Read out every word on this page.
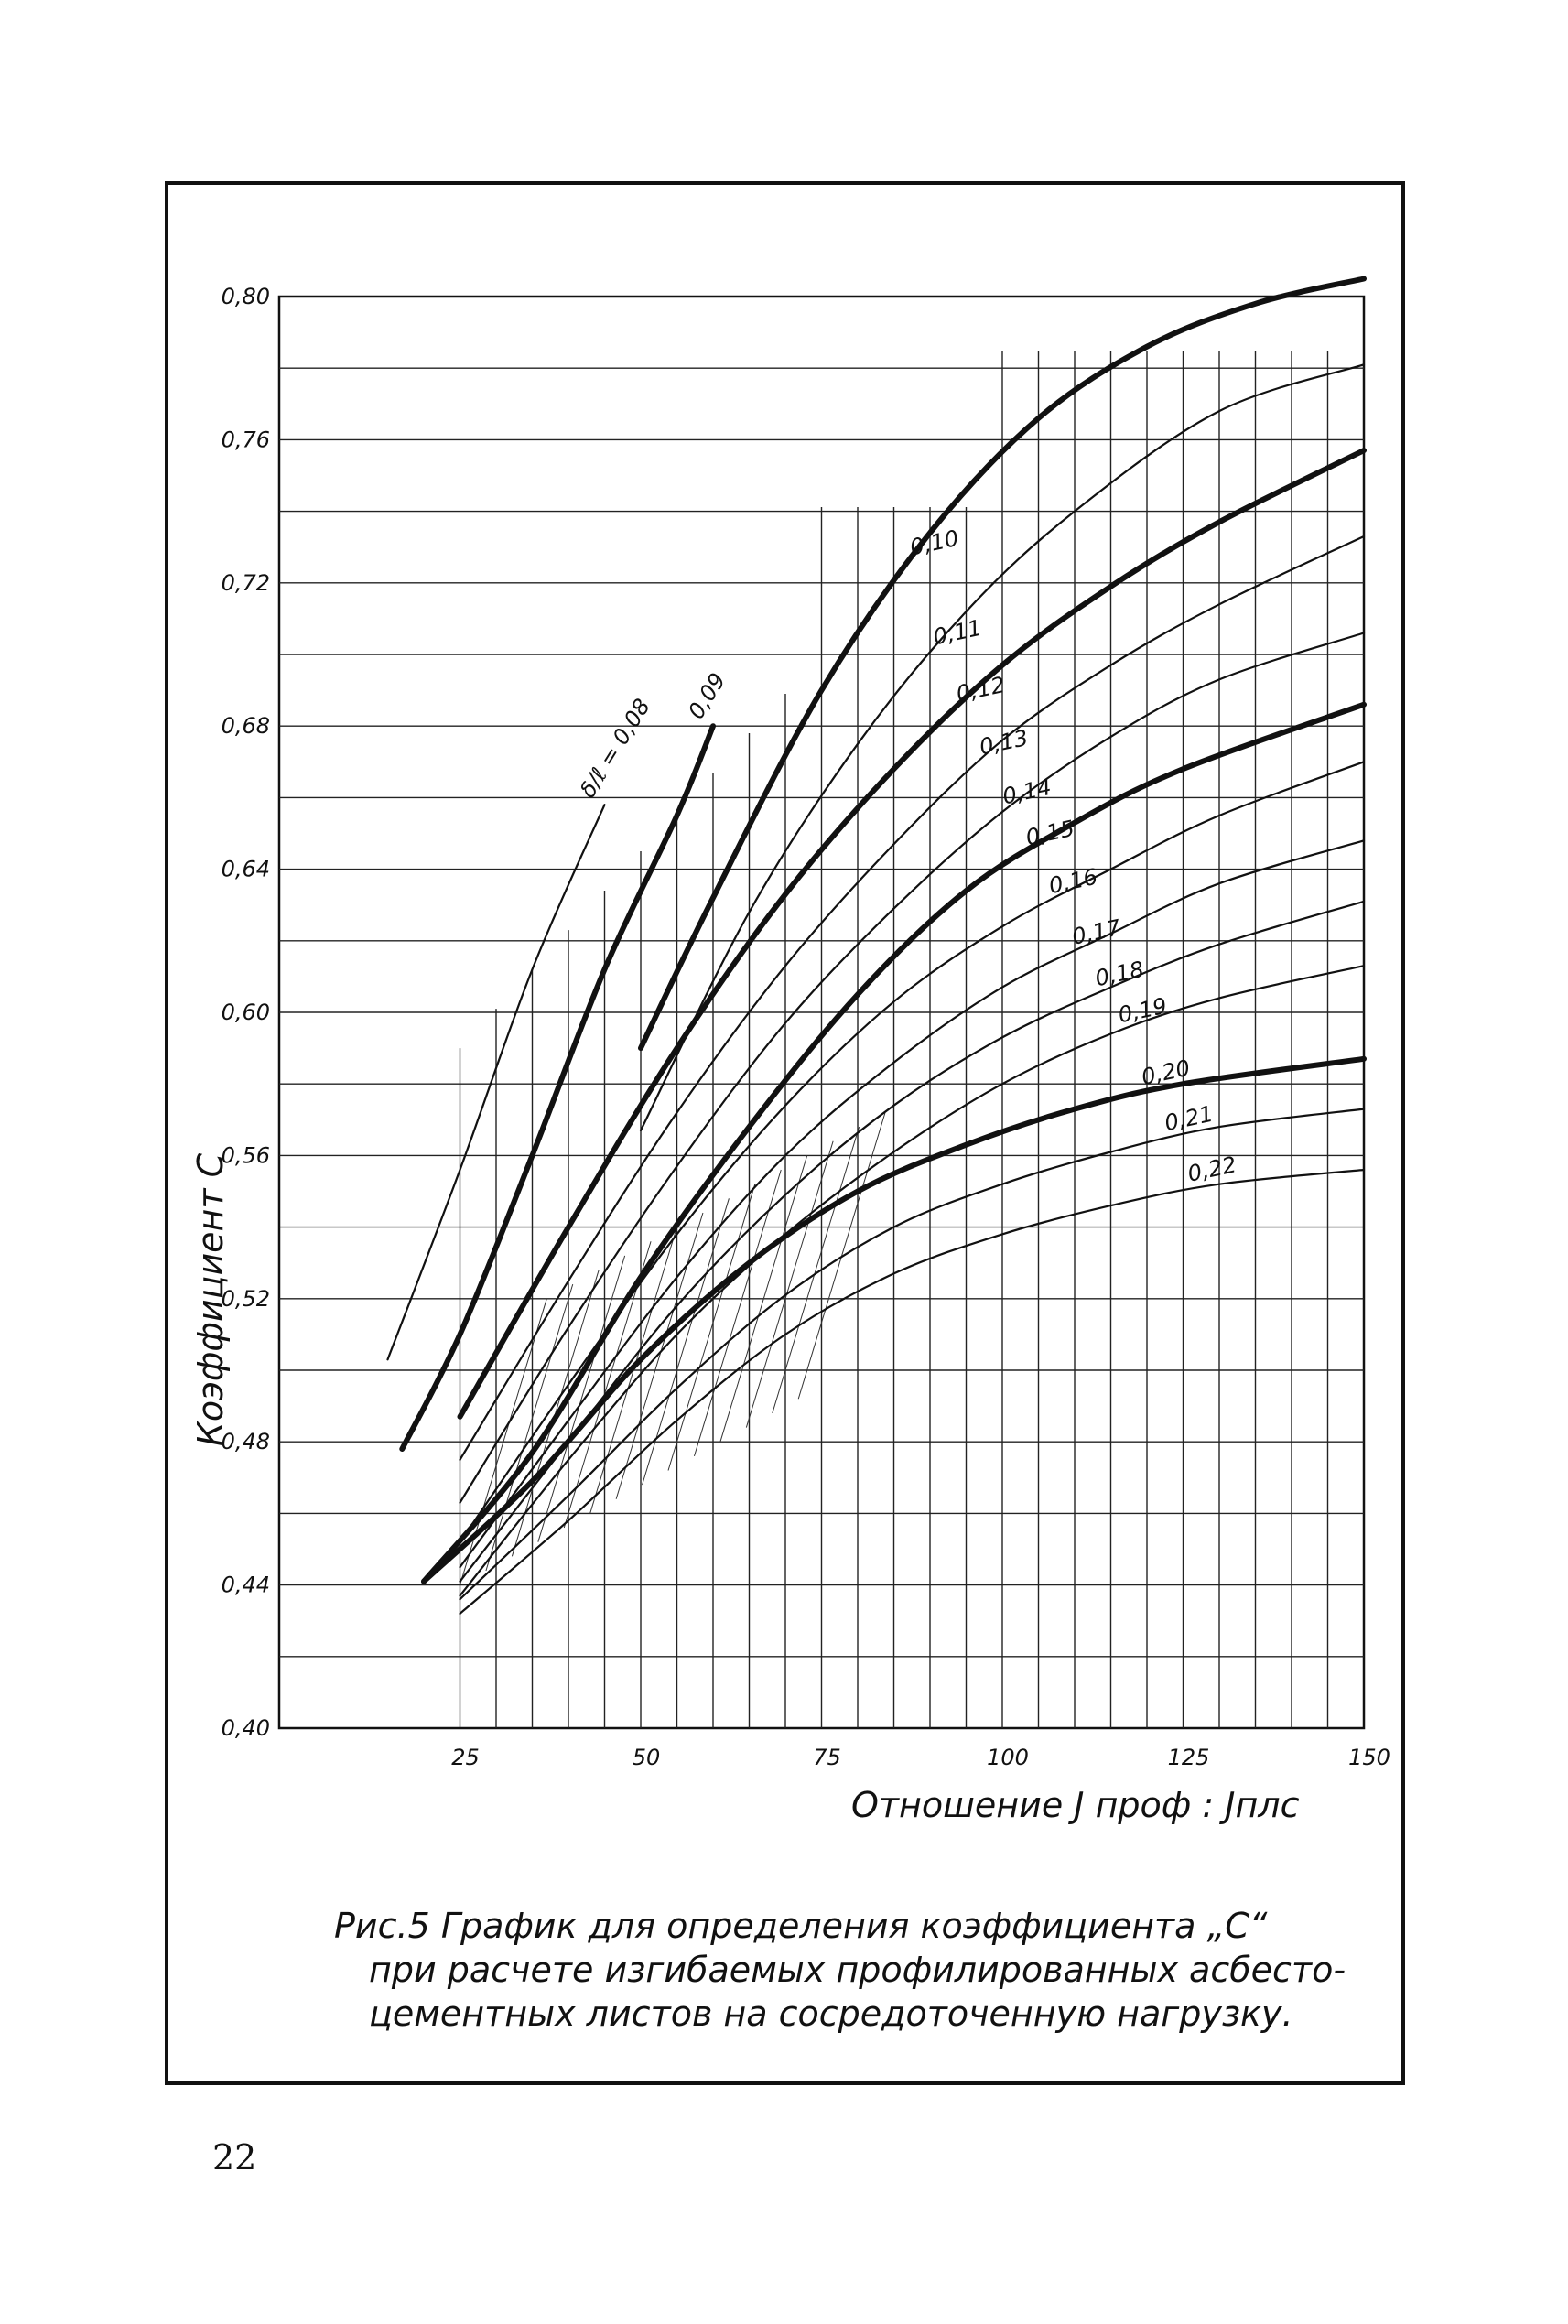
δ/ℓ = 0,08 0,09
0,10
0,11
0,12
0,13
0,14
0,15
0,16
0,17
0,18
0,19
0,20
0,21
0,22
0,40
0,44
0,48
0,52
0,56
0,60
0,64
0,68
0,72
0,76
0,80
25	50	75	100	125	150
Отношение J проф : Jплс
Коэффициент C
Рис.5 График для определения коэффициента „С“
при расчете изгибаемых профилированных асбесто-
цементных листов на сосредоточенную нагрузку.
22
